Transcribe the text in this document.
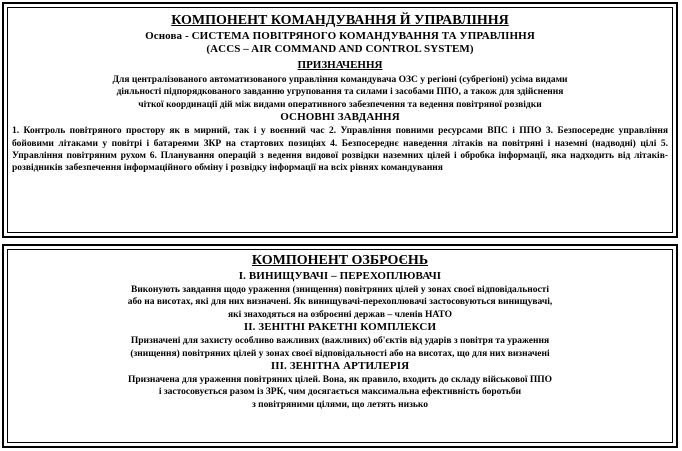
КОМПОНЕНТ КОМАНДУВАННЯ Й УПРАВЛІННЯ
Основа - СИСТЕМА ПОВІТРЯНОГО КОМАНДУВАННЯ ТА УПРАВЛІННЯ
(ACCS – AIR COMMAND AND CONTROL SYSTEM)
ПРИЗНАЧЕННЯ
Для централізованого автоматизованого управління командувача ОЗС у регіоні (субрегіоні) усіма видами
діяльності підпорядкованого завданню угруповання та силами і засобами ППО, а також для здійснення
чіткої координації дій між видами оперативного забезпечення та ведення повітряної розвідки
ОСНОВНІ ЗАВДАННЯ
1. Контроль повітряного простору як в мирний, так і у воєнний час 2. Управління повними ресурсами ВПС і ППО 3. Безпосереднє управління бойовими літаками у повітрі і батареями ЗКР на стартових позиціях 4. Безпосереднє наведення літаків на повітряні і наземні (надводні) цілі 5. Управління повітряним рухом 6. Планування операцій з ведення видової розвідки наземних цілей і обробка інформації, яка надходить від літаків-розвідників забезпечення інформаційного обміну і розвідку інформації на всіх рівнях командування
КОМПОНЕНТ ОЗБРОЄНЬ
І. ВИНИЩУВАЧІ – ПЕРЕХОПЛЮВАЧІ
Виконують завдання щодо ураження (знищення) повітряних цілей у зонах своєї відповідальності
або на висотах, які для них визначені. Як винищувачі-перехоплювачі застосовуються винищувачі,
які знаходяться на озброєнні держав – членів НАТО
ІІ. ЗЕНІТНІ РАКЕТНІ КОМПЛЕКСИ
Призначені для захисту особливо важливих (важливих) об'єктів від ударів з повітря та ураження
(знищення) повітряних цілей у зонах своєї відповідальності або на висотах, що для них визначені
ІІІ. ЗЕНІТНА АРТИЛЕРІЯ
Призначена для ураження повітряних цілей. Вона, як правило, входить до складу військової ППО
і застосовується разом із ЗРК, чим досягається максимальна ефективність боротьби
з повітряними цілями, що летять низько
